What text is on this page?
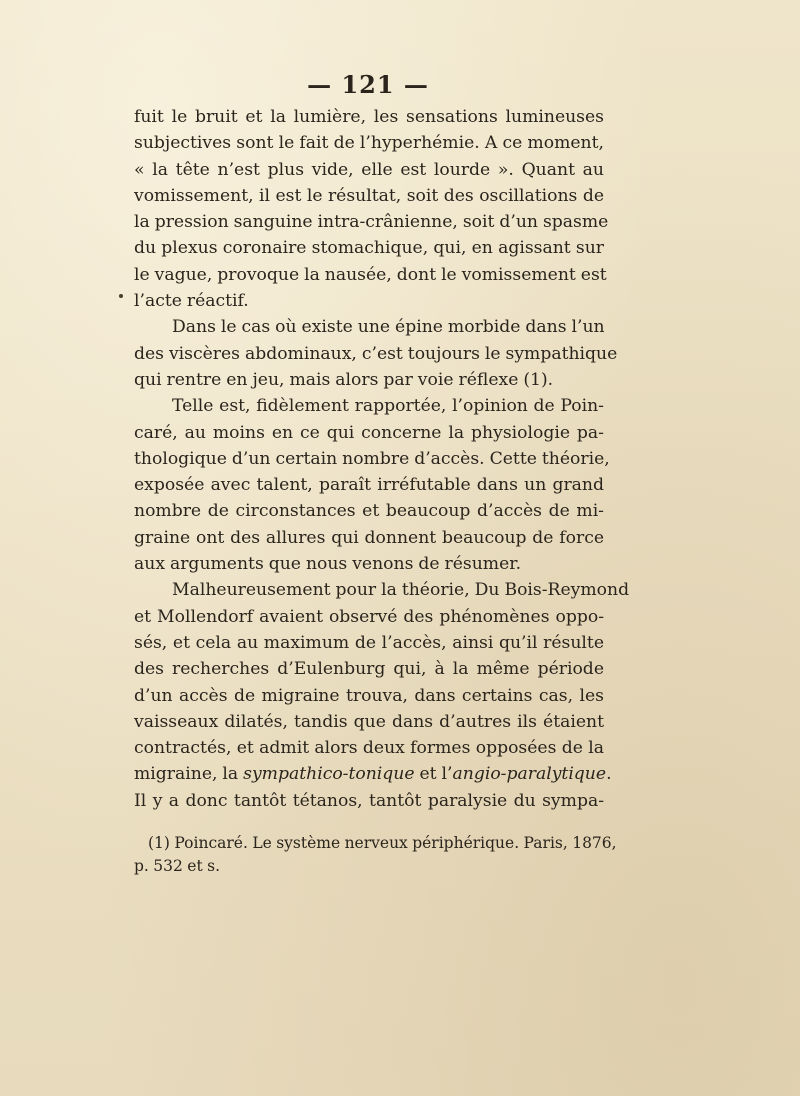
— 121 —
fuit le bruit et la lumière, les sensations lumineuses
subjectives sont le fait de l’hyperhémie. A ce moment,
« la tête n’est plus vide, elle est lourde ». Quant au
vomissement, il est le résultat, soit des oscillations de
la pression sanguine intra-crânienne, soit d’un spasme
du plexus coronaire stomachique, qui, en agissant sur
le vague, provoque la nausée, dont le vomissement est
l’acte réactif.
Dans le cas où existe une épine morbide dans l’un
des viscères abdominaux, c’est toujours le sympathique
qui rentre en jeu, mais alors par voie réflexe (1).
Telle est, fidèlement rapportée, l’opinion de Poin-
caré, au moins en ce qui concerne la physiologie pa-
thologique d’un certain nombre d’accès. Cette théorie,
exposée avec talent, paraît irréfutable dans un grand
nombre de circonstances et beaucoup d’accès de mi-
graine ont des allures qui donnent beaucoup de force
aux arguments que nous venons de résumer.
Malheureusement pour la théorie, Du Bois-Reymond
et Mollendorf avaient observé des phénomènes oppo-
sés, et cela au maximum de l’accès, ainsi qu’il résulte
des recherches d’Eulenburg qui, à la même période
d’un accès de migraine trouva, dans certains cas, les
vaisseaux dilatés, tandis que dans d’autres ils étaient
contractés, et admit alors deux formes opposées de la
migraine, la sympathico-tonique et l’angio-paralytique.
Il y a donc tantôt tétanos, tantôt paralysie du sympa-
(1) Poincaré. Le système nerveux périphérique. Paris, 1876,
p. 532 et s.
